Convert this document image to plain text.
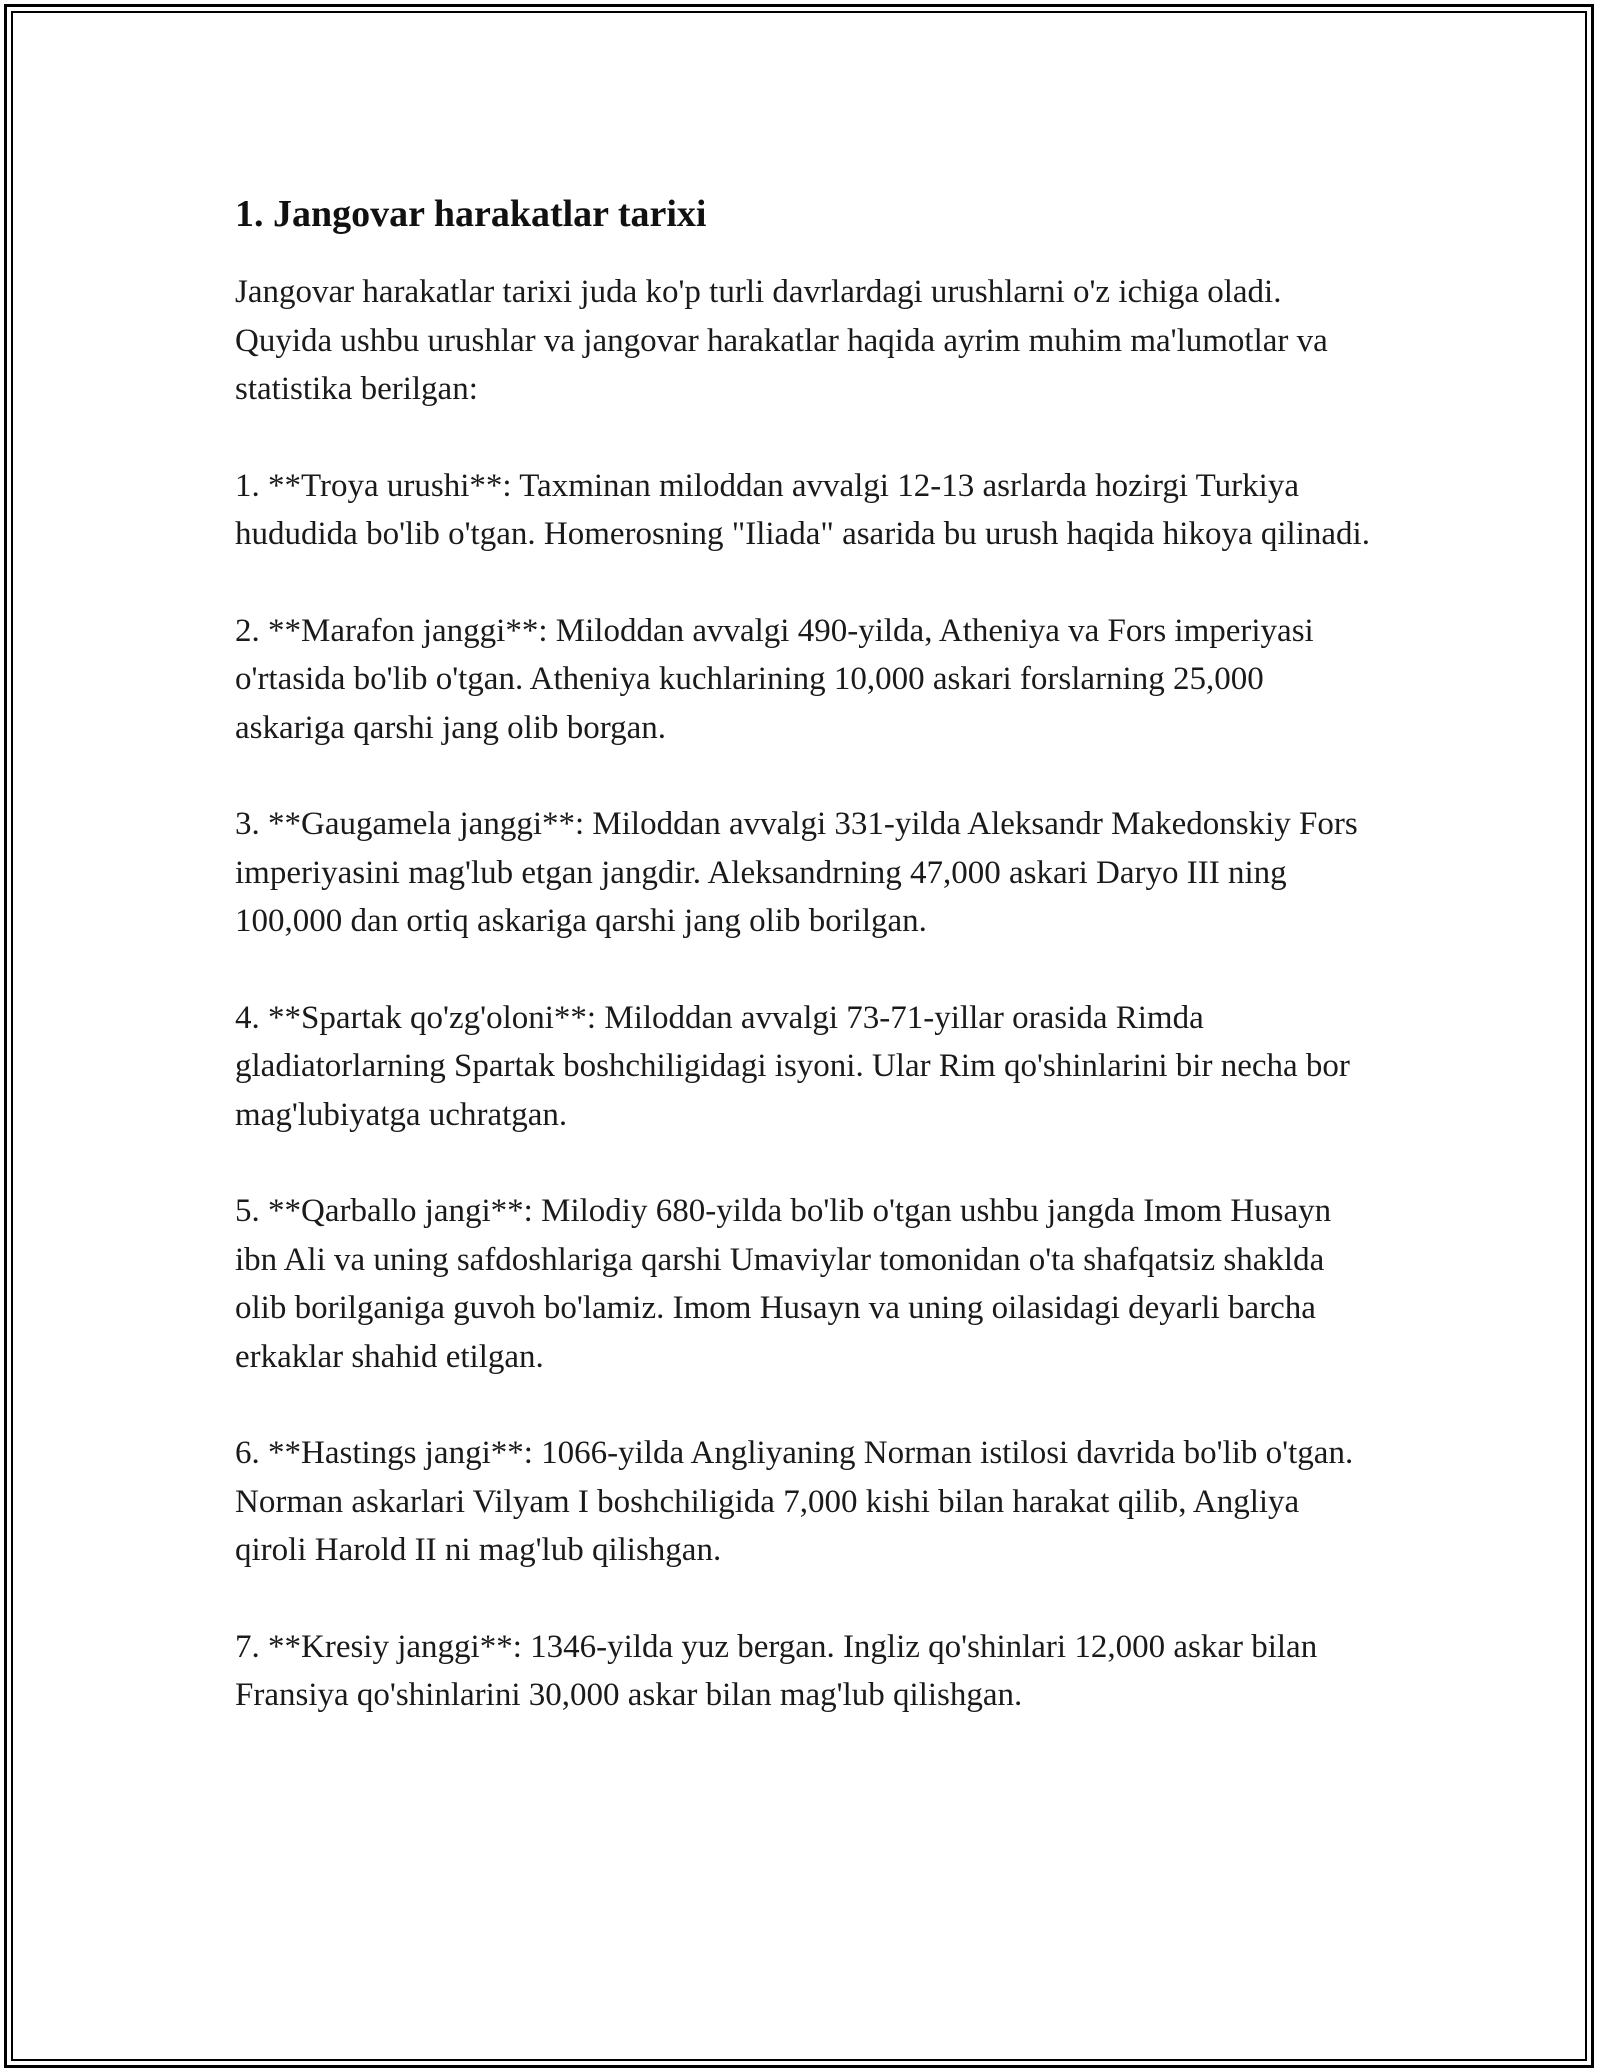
1. Jangovar harakatlar tarixi

Jangovar harakatlar tarixi juda ko'p turli davrlardagi urushlarni o'z ichiga oladi. Quyida ushbu urushlar va jangovar harakatlar haqida ayrim muhim ma'lumotlar va statistika berilgan:

1. **Troya urushi**: Taxminan miloddan avvalgi 12-13 asrlarda hozirgi Turkiya hududida bo'lib o'tgan. Homerosning "Iliada" asarida bu urush haqida hikoya qilinadi.

2. **Marafon janggi**: Miloddan avvalgi 490-yilda, Atheniya va Fors imperiyasi o'rtasida bo'lib o'tgan. Atheniya kuchlarining 10,000 askari forslarning 25,000 askariga qarshi jang olib borgan.

3. **Gaugamela janggi**: Miloddan avvalgi 331-yilda Aleksandr Makedonskiy Fors imperiyasini mag'lub etgan jangdir. Aleksandrning 47,000 askari Daryo III ning 100,000 dan ortiq askariga qarshi jang olib borilgan.

4. **Spartak qo'zg'oloni**: Miloddan avvalgi 73-71-yillar orasida Rimda gladiatorlarning Spartak boshchiligidagi isyoni. Ular Rim qo'shinlarini bir necha bor mag'lubiyatga uchratgan.

5. **Qarballo jangi**: Milodiy 680-yilda bo'lib o'tgan ushbu jangda Imom Husayn ibn Ali va uning safdoshlariga qarshi Umaviylar tomonidan o'ta shafqatsiz shaklda olib borilganiga guvoh bo'lamiz. Imom Husayn va uning oilasidagi deyarli barcha erkaklar shahid etilgan.

6. **Hastings jangi**: 1066-yilda Angliyaning Norman istilosi davrida bo'lib o'tgan. Norman askarlari Vilyam I boshchiligida 7,000 kishi bilan harakat qilib, Angliya qiroli Harold II ni mag'lub qilishgan.

7. **Kresiy janggi**: 1346-yilda yuz bergan. Ingliz qo'shinlari 12,000 askar bilan Fransiya qo'shinlarini 30,000 askar bilan mag'lub qilishgan.
